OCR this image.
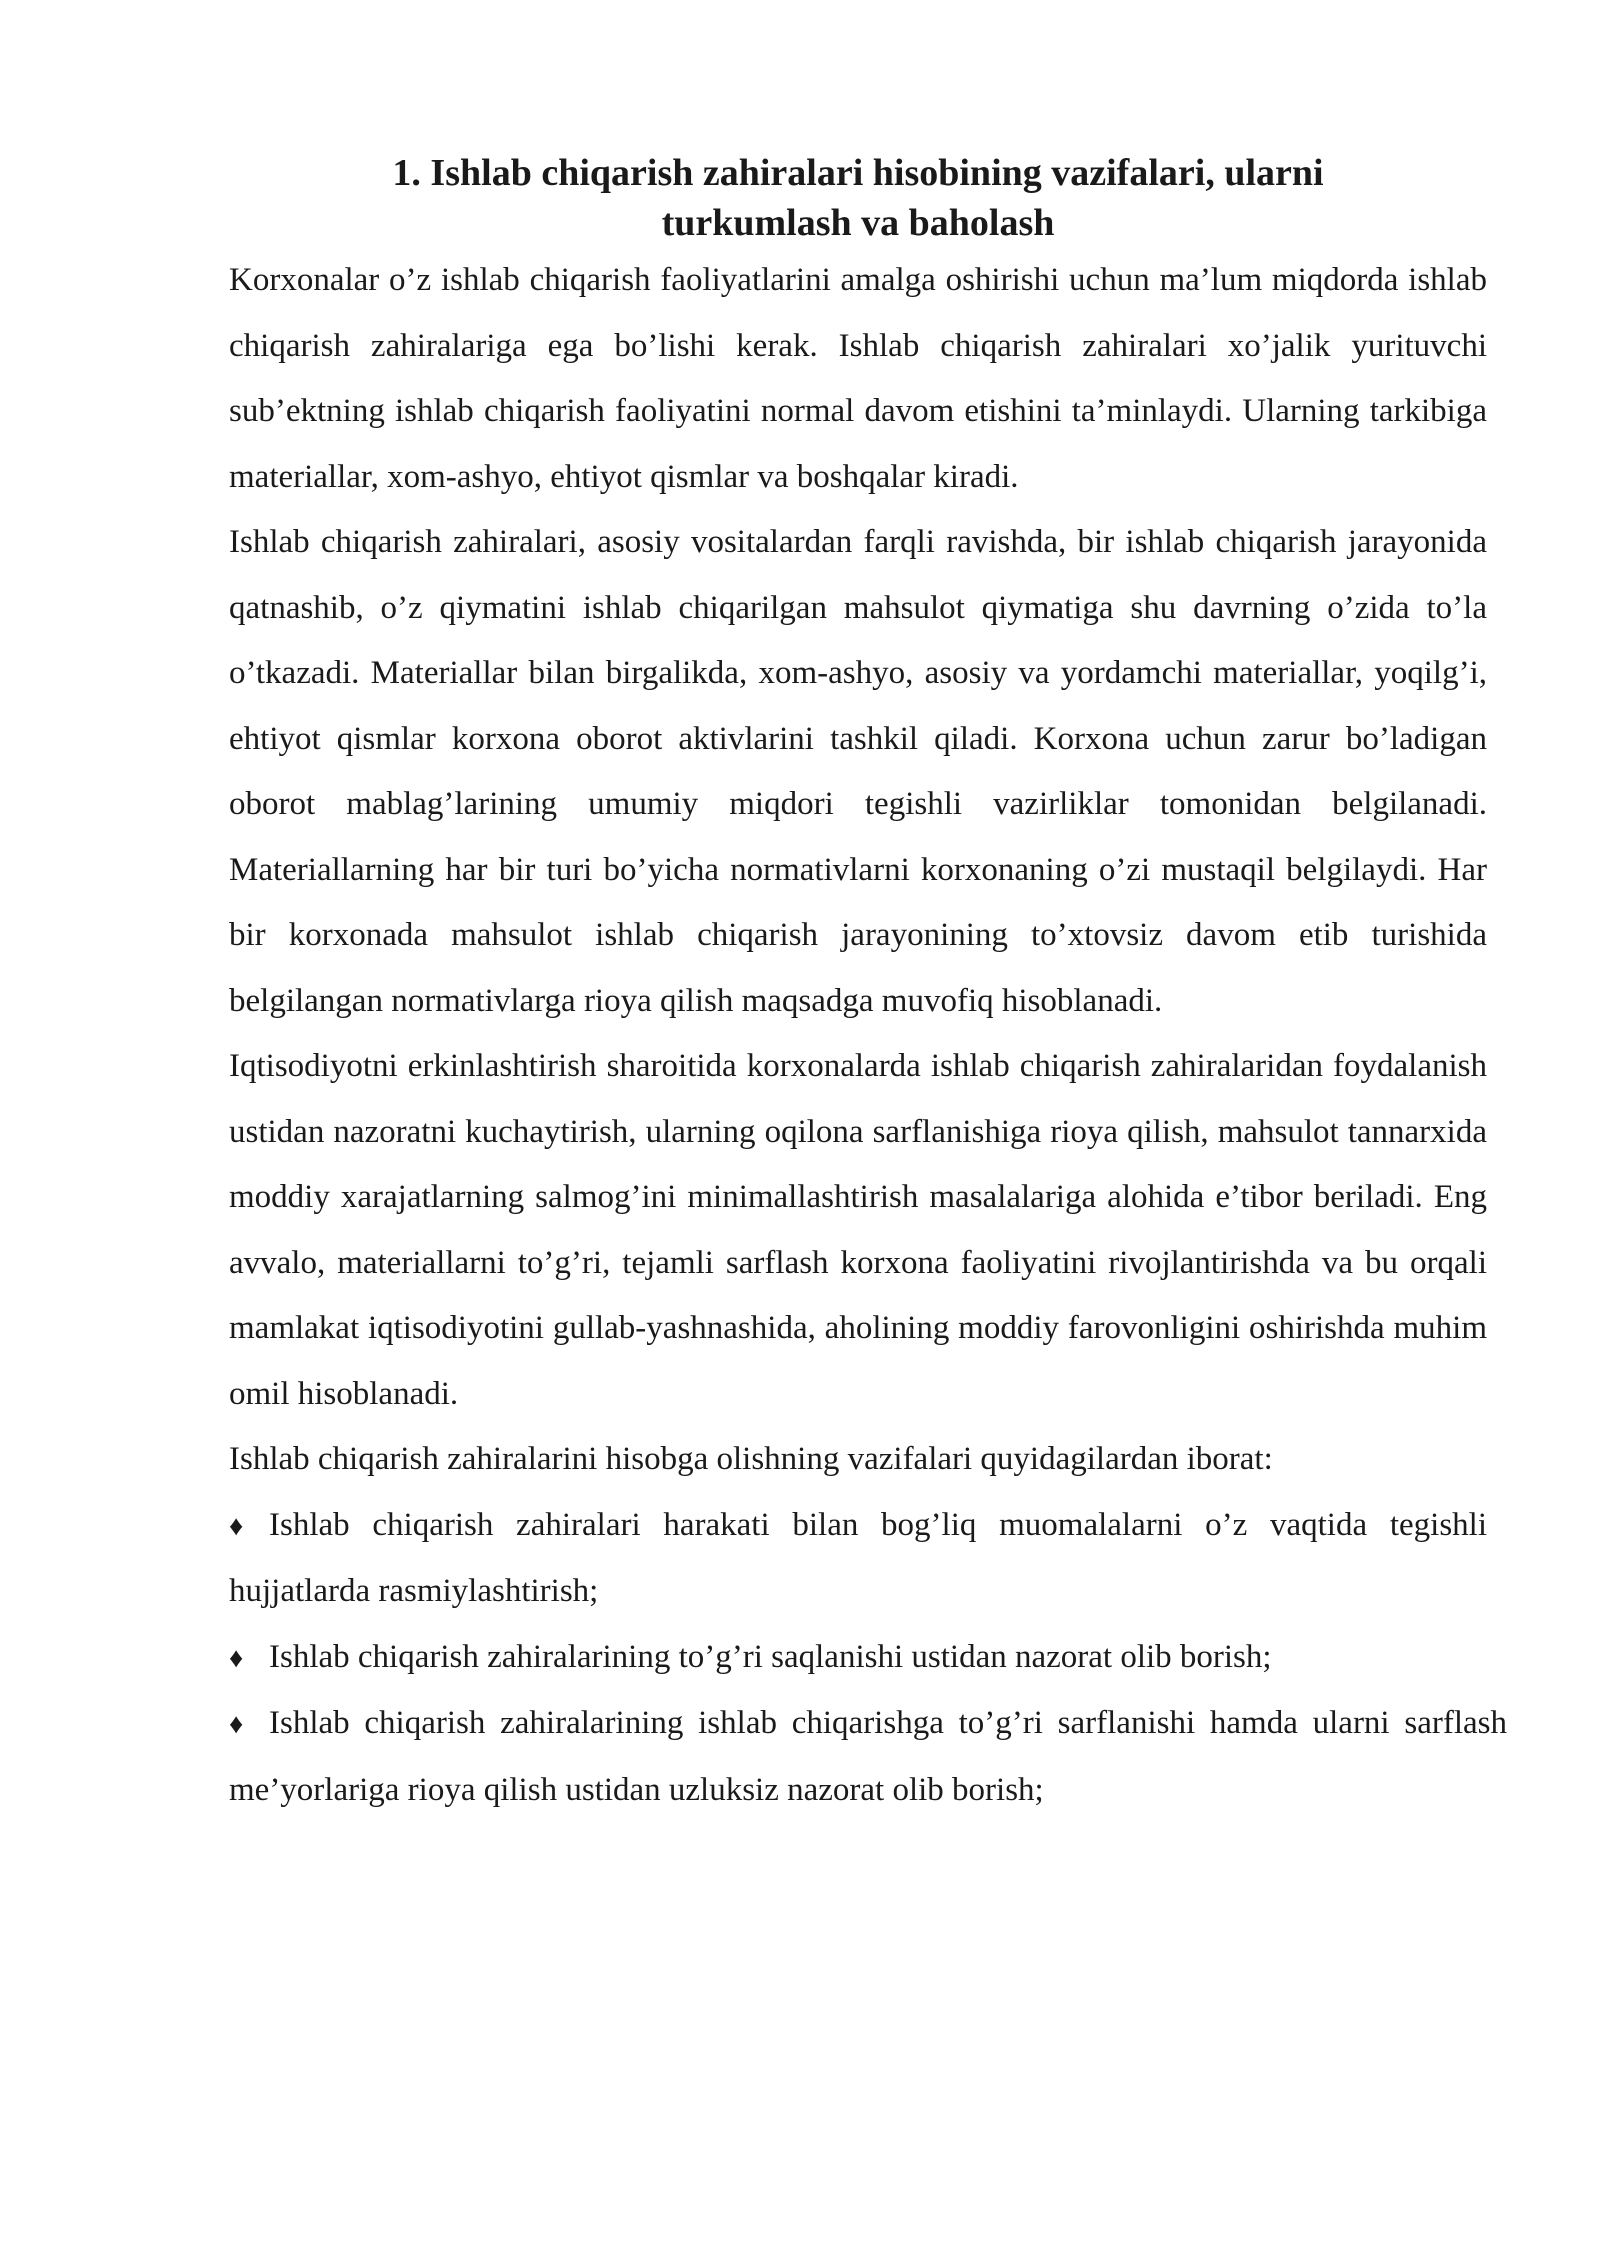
1. Ishlab chiqarish zahiralari hisobining vazifalari, ularni
turkumlash va baholash

Korxonalar o’z ishlab chiqarish faoliyatlarini amalga oshirishi uchun ma’lum miqdorda ishlab chiqarish zahiralariga ega bo’lishi kerak. Ishlab chiqarish zahiralari xo’jalik yurituvchi sub’ektning ishlab chiqarish faoliyatini normal davom etishini ta’minlaydi. Ularning tarkibiga materiallar, xom-ashyo, ehtiyot qismlar va boshqalar kiradi.

Ishlab chiqarish zahiralari, asosiy vositalardan farqli ravishda, bir ishlab chiqarish jarayonida qatnashib, o’z qiymatini ishlab chiqarilgan mahsulot qiymatiga shu davrning o’zida to’la o’tkazadi. Materiallar bilan birgalikda, xom-ashyo, asosiy va yordamchi materiallar, yoqilg’i, ehtiyot qismlar korxona oborot aktivlarini tashkil qiladi. Korxona uchun zarur bo’ladigan oborot mablag’larining umumiy miqdori tegishli vazirliklar tomonidan belgilanadi. Materiallarning har bir turi bo’yicha normativlarni korxonaning o’zi mustaqil belgilaydi. Har bir korxonada mahsulot ishlab chiqarish jarayonining to’xtovsiz davom etib turishida belgilangan normativlarga rioya qilish maqsadga muvofiq hisoblanadi.

Iqtisodiyotni erkinlashtirish sharoitida korxonalarda ishlab chiqarish zahiralaridan foydalanish ustidan nazoratni kuchaytirish, ularning oqilona sarflanishiga rioya qilish, mahsulot tannarxida moddiy xarajatlarning salmog’ini minimallashtirish masalalariga alohida e’tibor beriladi. Eng avvalo, materiallarni to’g’ri, tejamli sarflash korxona faoliyatini rivojlantirishda va bu orqali mamlakat iqtisodiyotini gullab-yashnashida, aholining moddiy farovonligini oshirishda muhim omil hisoblanadi.

Ishlab chiqarish zahiralarini hisobga olishning vazifalari quyidagilardan iborat:

♦ Ishlab chiqarish zahiralari harakati bilan bog’liq muomalalarni o’z vaqtida tegishli hujjatlarda rasmiylashtirish;

♦ Ishlab chiqarish zahiralarining to’g’ri saqlanishi ustidan nazorat olib borish;

♦ Ishlab chiqarish zahiralarining ishlab chiqarishga to’g’ri sarflanishi hamda ularni sarflash me’yorlariga rioya qilish ustidan uzluksiz nazorat olib borish;
